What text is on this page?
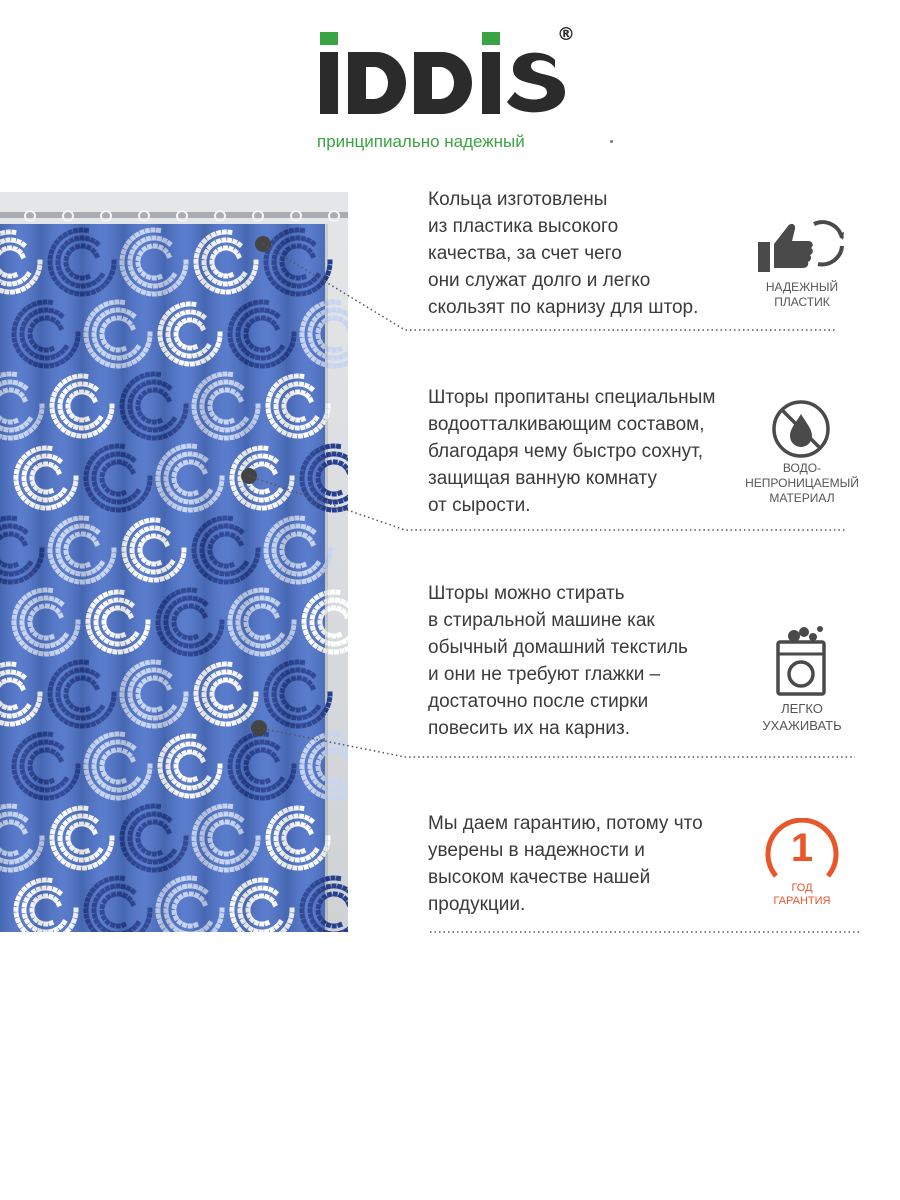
®
принципиально надежный
Кольца изготовлены
из пластика высокого
качества, за счет чего
они служат долго и легко
скользят по карнизу для штор.
НАДЕЖНЫЙ
ПЛАСТИК
Шторы пропитаны специальным
водоотталкивающим составом,
благодаря чему быстро сохнут,
защищая ванную комнату
от сырости.
ВОДО-
НЕПРОНИЦАЕМЫЙ
МАТЕРИАЛ
Шторы можно стирать
в стиральной машине как
обычный домашний текстиль
и они не требуют глажки –
достаточно после стирки
повесить их на карниз.
ЛЕГКО
УХАЖИВАТЬ
Мы даем гарантию, потому что
уверены в надежности и
высоком качестве нашей
продукции.
1
ГОД
ГАРАНТИЯ
